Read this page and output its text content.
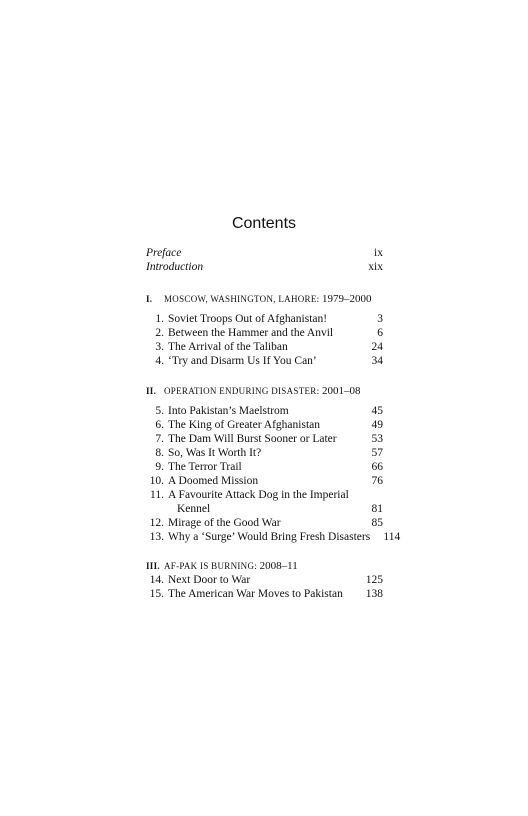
Contents
Preface	ix
Introduction	xix
I. MOSCOW, WASHINGTON, LAHORE: 1979–2000
1. Soviet Troops Out of Afghanistan!	3
2. Between the Hammer and the Anvil	6
3. The Arrival of the Taliban	24
4. ‘Try and Disarm Us If You Can’	34
II. OPERATION ENDURING DISASTER: 2001–08
5. Into Pakistan’s Maelstrom	45
6. The King of Greater Afghanistan	49
7. The Dam Will Burst Sooner or Later	53
8. So, Was It Worth It?	57
9. The Terror Trail	66
10. A Doomed Mission	76
11. A Favourite Attack Dog in the Imperial
Kennel	81
12. Mirage of the Good War	85
13. Why a ‘Surge’ Would Bring Fresh Disasters	114
III. AF-PAK IS BURNING: 2008–11
14. Next Door to War	125
15. The American War Moves to Pakistan	138
